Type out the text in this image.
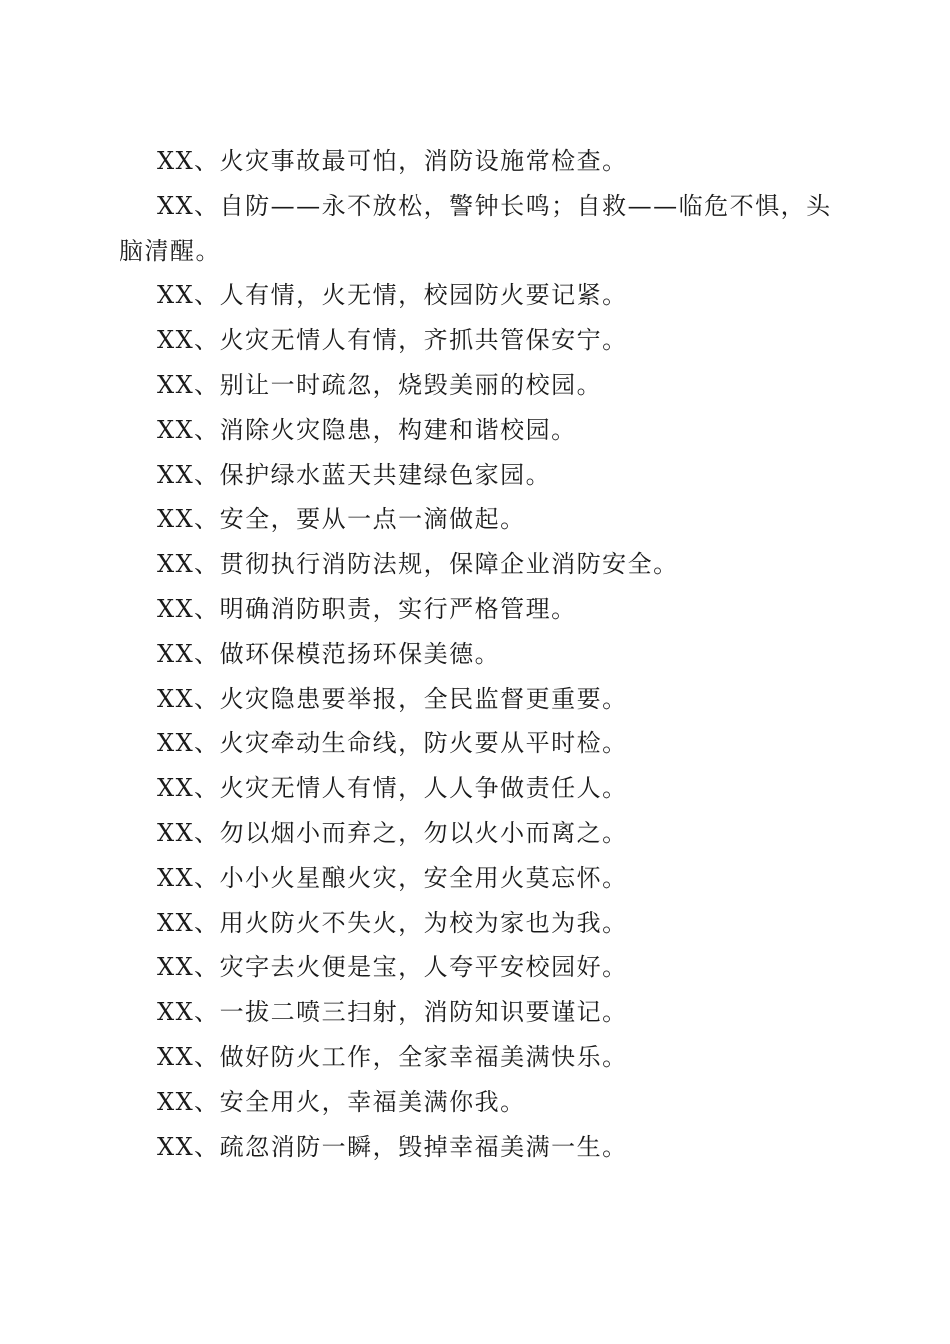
XX、火灾事故最可怕，消防设施常检查。

XX、自防——永不放松，警钟长鸣；自救——临危不惧，头脑清醒。

XX、人有情，火无情，校园防火要记紧。

XX、火灾无情人有情，齐抓共管保安宁。

XX、别让一时疏忽，烧毁美丽的校园。

XX、消除火灾隐患，构建和谐校园。

XX、保护绿水蓝天共建绿色家园。

XX、安全，要从一点一滴做起。

XX、贯彻执行消防法规，保障企业消防安全。

XX、明确消防职责，实行严格管理。

XX、做环保模范扬环保美德。

XX、火灾隐患要举报，全民监督更重要。

XX、火灾牵动生命线，防火要从平时检。

XX、火灾无情人有情，人人争做责任人。

XX、勿以烟小而弃之，勿以火小而离之。

XX、小小火星酿火灾，安全用火莫忘怀。

XX、用火防火不失火，为校为家也为我。

XX、灾字去火便是宝，人夸平安校园好。

XX、一拔二喷三扫射，消防知识要谨记。

XX、做好防火工作，全家幸福美满快乐。

XX、安全用火，幸福美满你我。

XX、疏忽消防一瞬，毁掉幸福美满一生。
